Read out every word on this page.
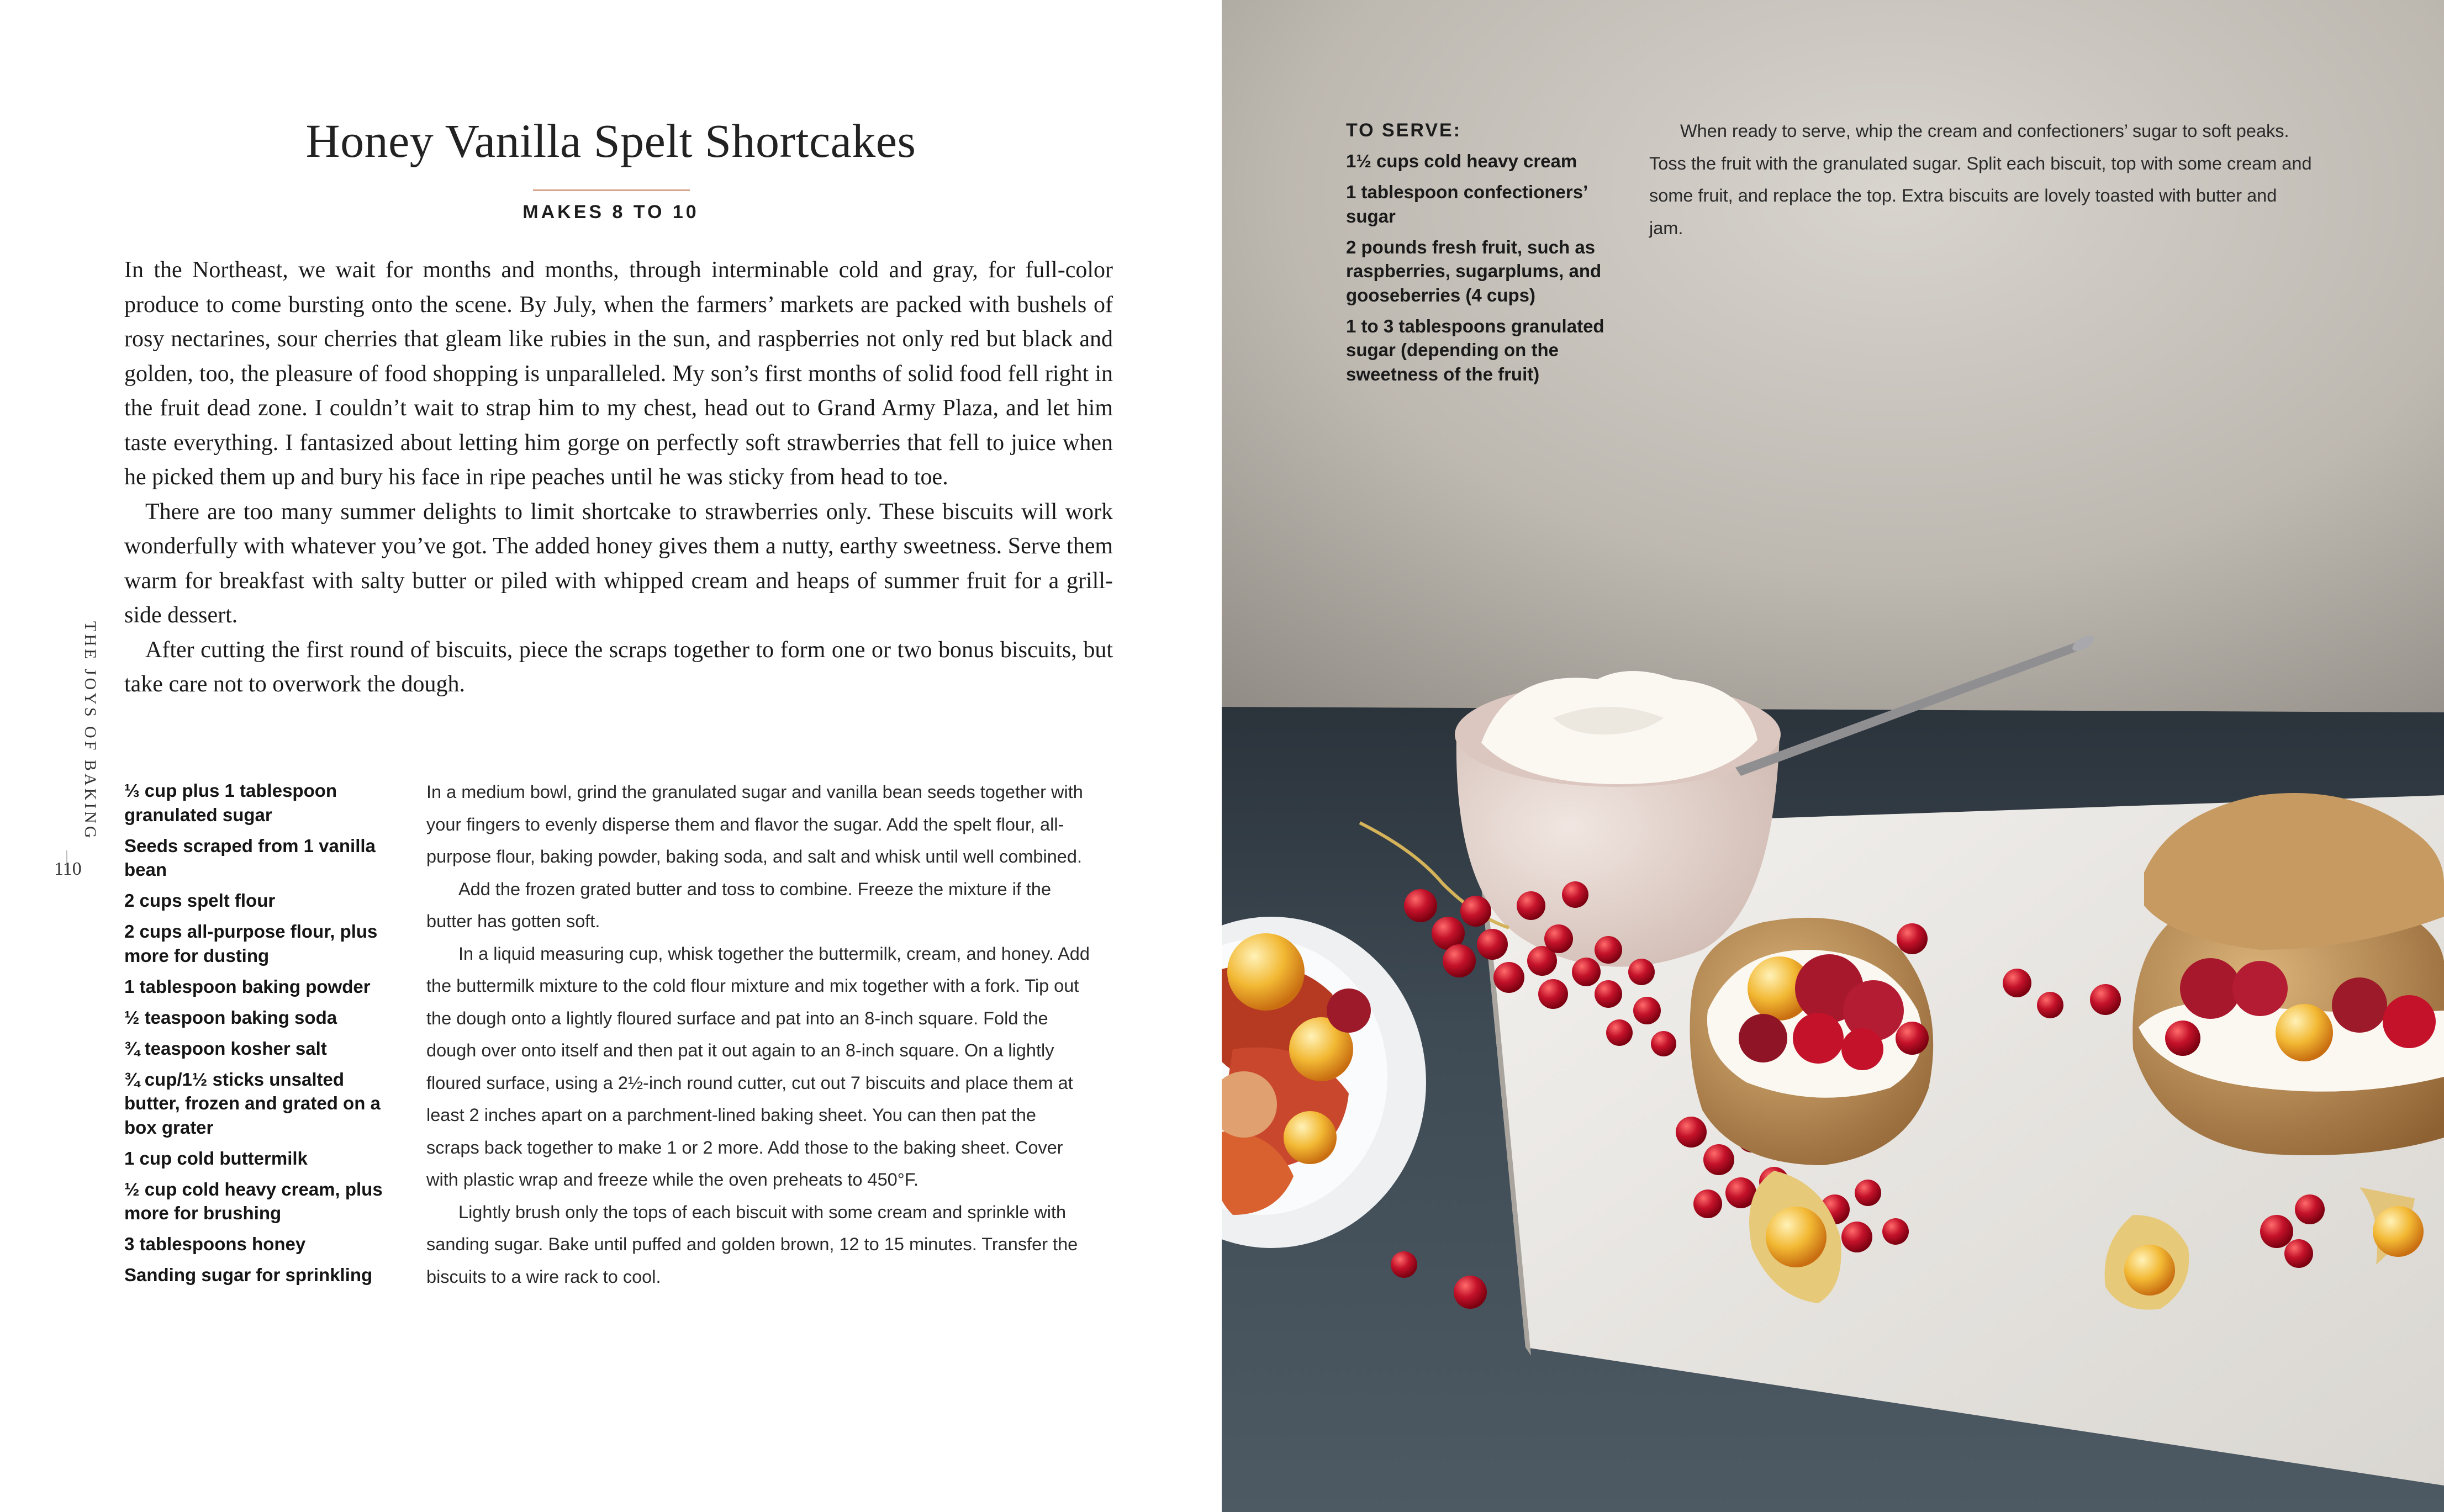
Honey Vanilla Spelt Shortcakes
MAKES 8 TO 10

In the Northeast, we wait for months and months, through interminable cold and gray, for full-color produce to come bursting onto the scene. By July, when the farmers’ markets are packed with bushels of rosy nectarines, sour cherries that gleam like rubies in the sun, and raspberries not only red but black and golden, too, the pleasure of food shopping is unparalleled. My son’s first months of solid food fell right in the fruit dead zone. I couldn’t wait to strap him to my chest, head out to Grand Army Plaza, and let him taste everything. I fantasized about letting him gorge on perfectly soft strawberries that fell to juice when he picked them up and bury his face in ripe peaches until he was sticky from head to toe.

There are too many summer delights to limit shortcake to strawberries only. These biscuits will work wonderfully with whatever you’ve got. The added honey gives them a nutty, earthy sweetness. Serve them warm for breakfast with salty butter or piled with whipped cream and heaps of summer fruit for a grill-side dessert.

After cutting the first round of biscuits, piece the scraps together to form one or two bonus biscuits, but take care not to overwork the dough.

THE JOYS OF BAKING
110
⅓ cup plus 1 tablespoon granulated sugar
Seeds scraped from 1 vanilla bean
2 cups spelt flour
2 cups all-purpose flour, plus more for dusting
1 tablespoon baking powder
½ teaspoon baking soda
¾ teaspoon kosher salt
¾ cup/1½ sticks unsalted butter, frozen and grated on a box grater
1 cup cold buttermilk
½ cup cold heavy cream, plus more for brushing
3 tablespoons honey
Sanding sugar for sprinkling

In a medium bowl, grind the granulated sugar and vanilla bean seeds together with your fingers to evenly disperse them and flavor the sugar. Add the spelt flour, all-purpose flour, baking powder, baking soda, and salt and whisk until well combined.

Add the frozen grated butter and toss to combine. Freeze the mixture if the butter has gotten soft.

In a liquid measuring cup, whisk together the buttermilk, cream, and honey. Add the buttermilk mixture to the cold flour mixture and mix together with a fork. Tip out the dough onto a lightly floured surface and pat into an 8-inch square. Fold the dough over onto itself and then pat it out again to an 8-inch square. On a lightly floured surface, using a 2½-inch round cutter, cut out 7 biscuits and place them at least 2 inches apart on a parchment-lined baking sheet. You can then pat the scraps back together to make 1 or 2 more. Add those to the baking sheet. Cover with plastic wrap and freeze while the oven preheats to 450°F.

Lightly brush only the tops of each biscuit with some cream and sprinkle with sanding sugar. Bake until puffed and golden brown, 12 to 15 minutes. Transfer the biscuits to a wire rack to cool.

TO SERVE:
1½ cups cold heavy cream
1 tablespoon confectioners’ sugar
2 pounds fresh fruit, such as raspberries, sugarplums, and gooseberries (4 cups)
1 to 3 tablespoons granulated sugar (depending on the sweetness of the fruit)

When ready to serve, whip the cream and confectioners’ sugar to soft peaks. Toss the fruit with the granulated sugar. Split each biscuit, top with some cream and some fruit, and replace the top. Extra biscuits are lovely toasted with butter and jam.
